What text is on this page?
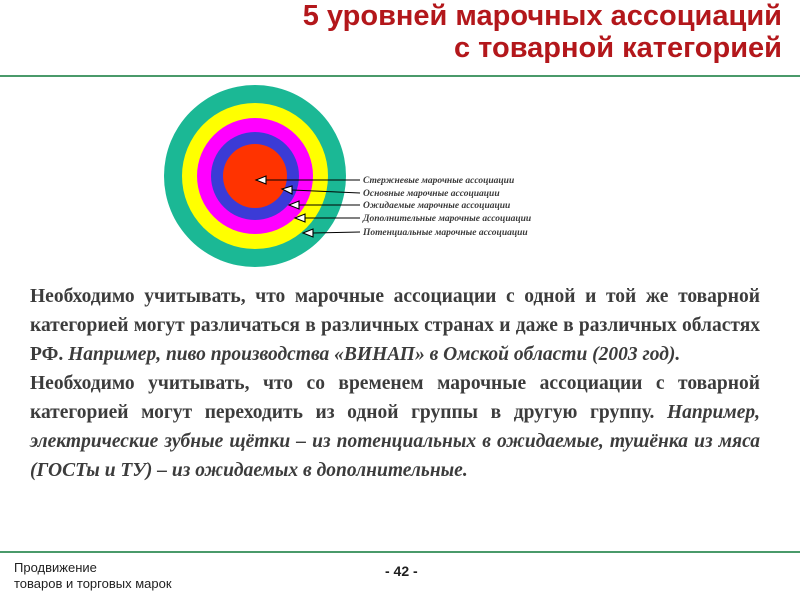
5 уровней марочных ассоциаций
с товарной категорией
Стержневые марочные ассоциации
Основные марочные ассоциации
Ожидаемые марочные ассоциации
Дополнительные марочные ассоциации
Потенциальные марочные ассоциации

Необходимо учитывать, что марочные ассоциации с одной и той же товарной категорией могут различаться в различных странах и даже в различных областях РФ. Например, пиво производства «ВИНАП» в Омской области (2003 год).

Необходимо учитывать, что со временем марочные ассоциации с товарной категорией могут переходить из одной группы в другую группу. Например, электрические зубные щётки – из потенциальных в ожидаемые, тушёнка из мяса (ГОСТы и ТУ) – из ожидаемых в дополнительные.

Продвижение
товаров и торговых марок
- 42 -
